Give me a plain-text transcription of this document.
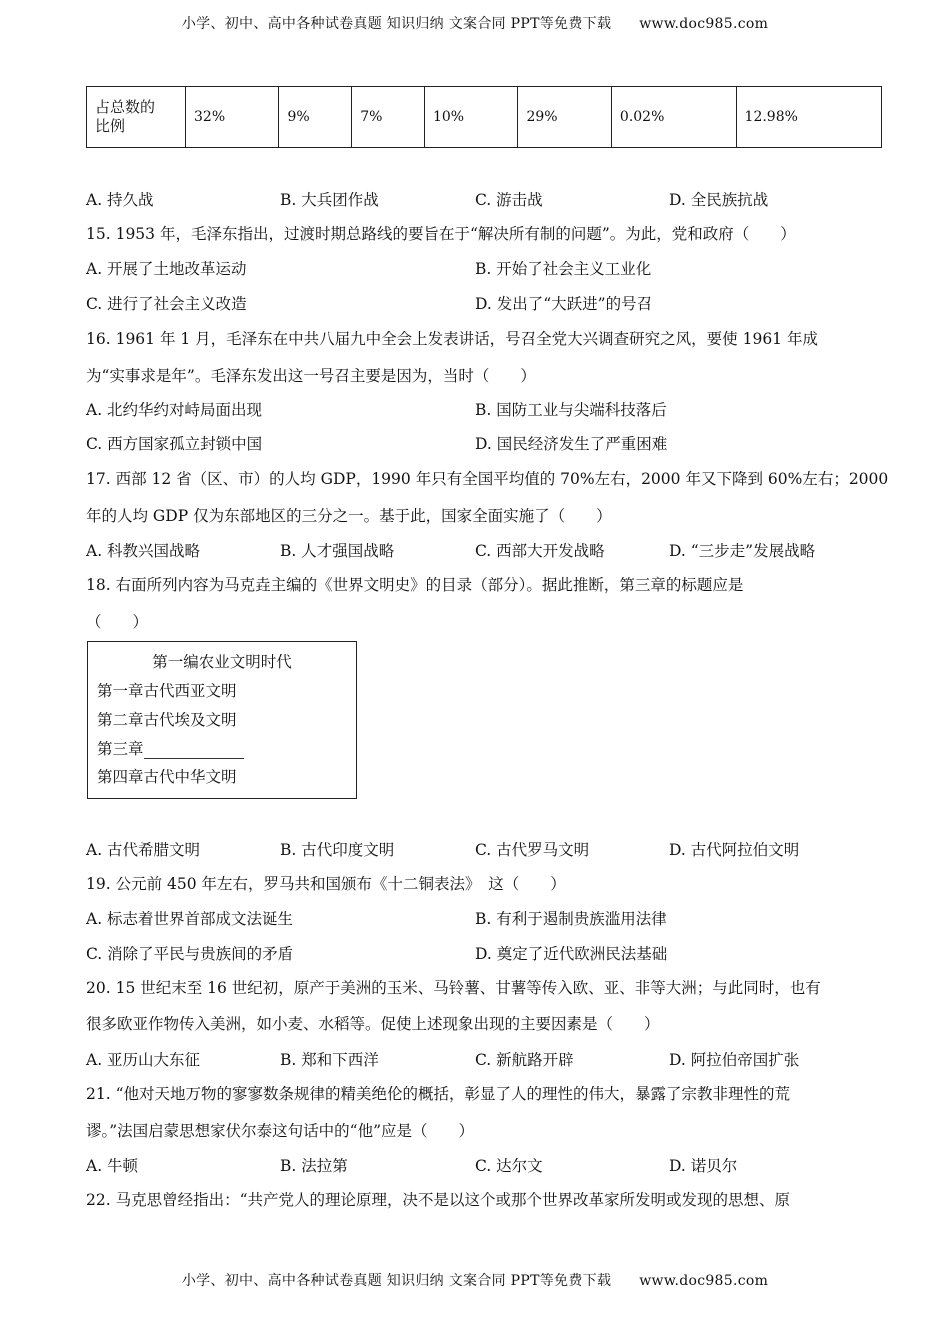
小学、初中、高中各种试卷真题 知识归纳 文案合同 PPT等免费下载 www.doc985.com
占总数的
比例	32%	9%	7%	10%	29%	0.02%	12.98%
A. 持久战	B. 大兵团作战	C. 游击战	D. 全民族抗战
15. 1953 年，毛泽东指出，过渡时期总路线的要旨在于“解决所有制的问题”。为此，党和政府（　　）
A. 开展了土地改革运动	B. 开始了社会主义工业化
C. 进行了社会主义改造	D. 发出了“大跃进”的号召
16. 1961 年 1 月，毛泽东在中共八届九中全会上发表讲话，号召全党大兴调查研究之风，要使 1961 年成
为“实事求是年”。毛泽东发出这一号召主要是因为，当时（　　）
A. 北约华约对峙局面出现	B. 国防工业与尖端科技落后
C. 西方国家孤立封锁中国	D. 国民经济发生了严重困难
17. 西部 12 省（区、市）的人均 GDP，1990 年只有全国平均值的 70%左右，2000 年又下降到 60%左右；2000
年的人均 GDP 仅为东部地区的三分之一。基于此，国家全面实施了（　　）
A. 科教兴国战略	B. 人才强国战略	C. 西部大开发战略	D. “三步走”发展战略
18. 右面所列内容为马克垚主编的《世界文明史》的目录（部分）。据此推断，第三章的标题应是
（　　）
第一编农业文明时代
第一章古代西亚文明
第二章古代埃及文明
第三章
第四章古代中华文明
A. 古代希腊文明	B. 古代印度文明	C. 古代罗马文明	D. 古代阿拉伯文明
19. 公元前 450 年左右，罗马共和国颁布《十二铜表法》　这（　　）
A. 标志着世界首部成文法诞生	B. 有利于遏制贵族滥用法律
C. 消除了平民与贵族间的矛盾	D. 奠定了近代欧洲民法基础
20. 15 世纪末至 16 世纪初，原产于美洲的玉米、马铃薯、甘薯等传入欧、亚、非等大洲；与此同时，也有
很多欧亚作物传入美洲，如小麦、水稻等。促使上述现象出现的主要因素是（　　）
A. 亚历山大东征	B. 郑和下西洋	C. 新航路开辟	D. 阿拉伯帝国扩张
21. “他对天地万物的寥寥数条规律的精美绝伦的概括，彰显了人的理性的伟大，暴露了宗教非理性的荒
谬。”法国启蒙思想家伏尔泰这句话中的“他”应是（　　）
A. 牛顿	B. 法拉第	C. 达尔文	D. 诺贝尔
22. 马克思曾经指出：“共产党人的理论原理，决不是以这个或那个世界改革家所发明或发现的思想、原
小学、初中、高中各种试卷真题 知识归纳 文案合同 PPT等免费下载 www.doc985.com
